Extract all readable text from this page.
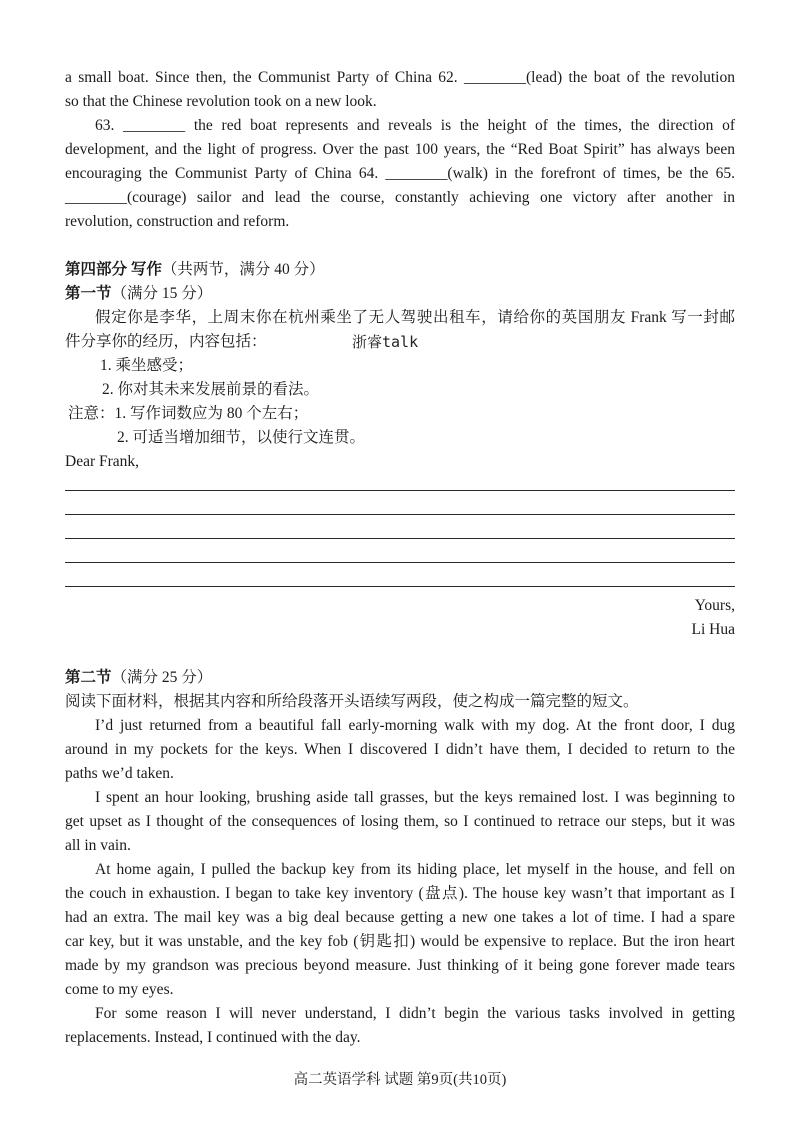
a small boat. Since then, the Communist Party of China 62. ________(lead) the boat of the revolution
so that the Chinese revolution took on a new look.
63. ________ the red boat represents and reveals is the height of the times, the direction of
development, and the light of progress. Over the past 100 years, the “Red Boat Spirit” has always been
encouraging the Communist Party of China 64. ________(walk) in the forefront of times, be the 65.
________(courage) sailor and lead the course, constantly achieving one victory after another in
revolution, construction and reform.
第四部分 写作（共两节，满分 40 分）
第一节（满分 15 分）
假定你是李华，上周末你在杭州乘坐了无人驾驶出租车，请给你的英国朋友 Frank 写一封邮
件分享你的经历，内容包括：	浙睿talk
1. 乘坐感受；
2. 你对其未来发展前景的看法。
注意：1. 写作词数应为 80 个左右；
2. 可适当增加细节，以使行文连贯。
Dear Frank,
Yours,
Li Hua
第二节（满分 25 分）
阅读下面材料，根据其内容和所给段落开头语续写两段，使之构成一篇完整的短文。
I’d just returned from a beautiful fall early-morning walk with my dog. At the front door, I dug
around in my pockets for the keys. When I discovered I didn’t have them, I decided to return to the
paths we’d taken.
I spent an hour looking, brushing aside tall grasses, but the keys remained lost. I was beginning to
get upset as I thought of the consequences of losing them, so I continued to retrace our steps, but it was
all in vain.
At home again, I pulled the backup key from its hiding place, let myself in the house, and fell on
the couch in exhaustion. I began to take key inventory (盘点). The house key wasn’t that important as I
had an extra. The mail key was a big deal because getting a new one takes a lot of time. I had a spare
car key, but it was unstable, and the key fob (钥匙扣) would be expensive to replace. But the iron heart
made by my grandson was precious beyond measure. Just thinking of it being gone forever made tears
come to my eyes.
For some reason I will never understand, I didn’t begin the various tasks involved in getting
replacements. Instead, I continued with the day.
高二英语学科 试题 第9页(共10页)
